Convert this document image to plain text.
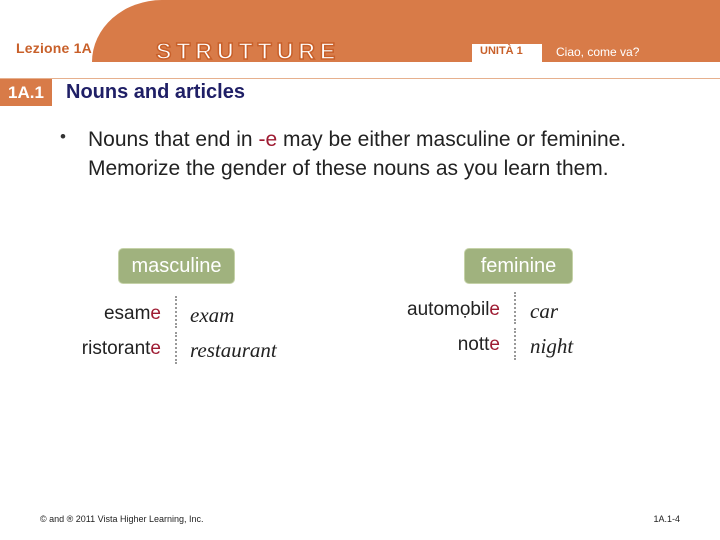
Lezione 1A	STRUTTURE	UNITÀ 1	Ciao, come va?
1A.1 Nouns and articles
• Nouns that end in -e may be either masculine or feminine. Memorize the gender of these nouns as you learn them.
masculine
esame exam
ristorante restaurant
feminine
automọbile car
notte night
© and ® 2011 Vista Higher Learning, Inc.	1A.1-4
